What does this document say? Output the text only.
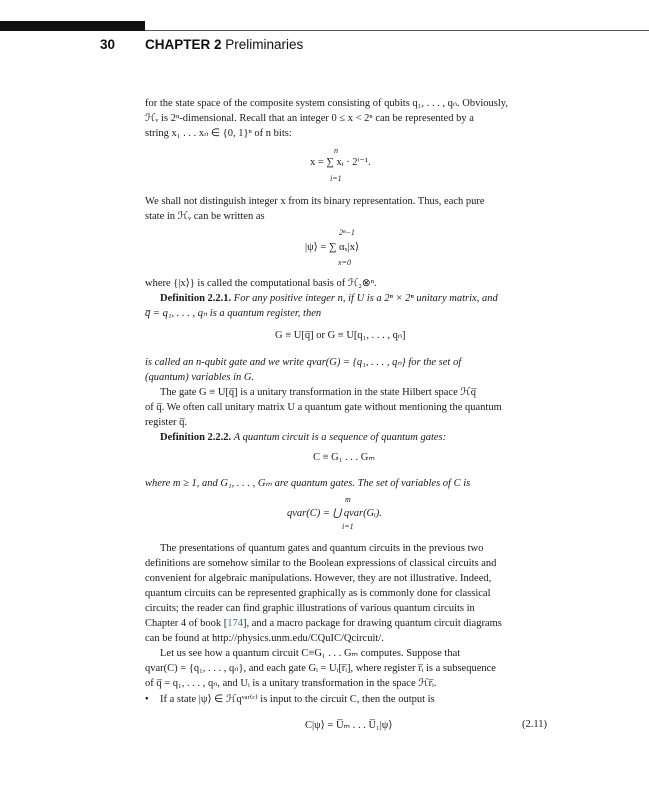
30 CHAPTER 2 Preliminaries
for the state space of the composite system consisting of qubits q₁, . . . , qₙ. Obviously,
ℋᵥ is 2ⁿ-dimensional. Recall that an integer 0 ≤ x < 2ⁿ can be represented by a
string x₁ . . . xₙ ∈ {0, 1}ⁿ of n bits:
n
x = ∑ xᵢ · 2ⁱ⁻¹.
i=1
We shall not distinguish integer x from its binary representation. Thus, each pure
state in ℋᵥ can be written as
2ⁿ−1
|ψ⟩ = ∑ αₓ|x⟩
x=0
where {|x⟩} is called the computational basis of ℋ₂⊗ⁿ.
Definition 2.2.1. For any positive integer n, if U is a 2ⁿ × 2ⁿ unitary matrix, and
q̅ = q₁, . . . , qₙ is a quantum register, then
G ≡ U[q̅] or G ≡ U[q₁, . . . , qₙ]
is called an n-qubit gate and we write qvar(G) = {q₁, . . . , qₙ} for the set of
(quantum) variables in G.
The gate G ≡ U[q̅] is a unitary transformation in the state Hilbert space ℋq̅
of q̅. We often call unitary matrix U a quantum gate without mentioning the quantum
register q̅.
Definition 2.2.2. A quantum circuit is a sequence of quantum gates:
C ≡ G₁ . . . Gₘ
where m ≥ 1, and G₁, . . . , Gₘ are quantum gates. The set of variables of C is
m
qvar(C) = ⋃ qvar(Gᵢ).
i=1
The presentations of quantum gates and quantum circuits in the previous two
definitions are somehow similar to the Boolean expressions of classical circuits and
convenient for algebraic manipulations. However, they are not illustrative. Indeed,
quantum circuits can be represented graphically as is commonly done for classical
circuits; the reader can find graphic illustrations of various quantum circuits in
Chapter 4 of book [174], and a macro package for drawing quantum circuit diagrams
can be found at http://physics.unm.edu/CQuIC/Qcircuit/.
Let us see how a quantum circuit C≡G₁ . . . Gₘ computes. Suppose that
qvar(C) = {q₁, . . . , qₙ}, and each gate Gᵢ = Uᵢ[r̅ᵢ], where register r̅ᵢ is a subsequence
of q̅ = q₁, . . . , qₙ, and Uᵢ is a unitary transformation in the space ℋr̅ᵢ.
• If a state |ψ⟩ ∈ ℋqᵛᵃʳ⁽ᶜ⁾ is input to the circuit C, then the output is
C|ψ⟩ = U̅ₘ . . . U̅₁|ψ⟩	(2.11)
